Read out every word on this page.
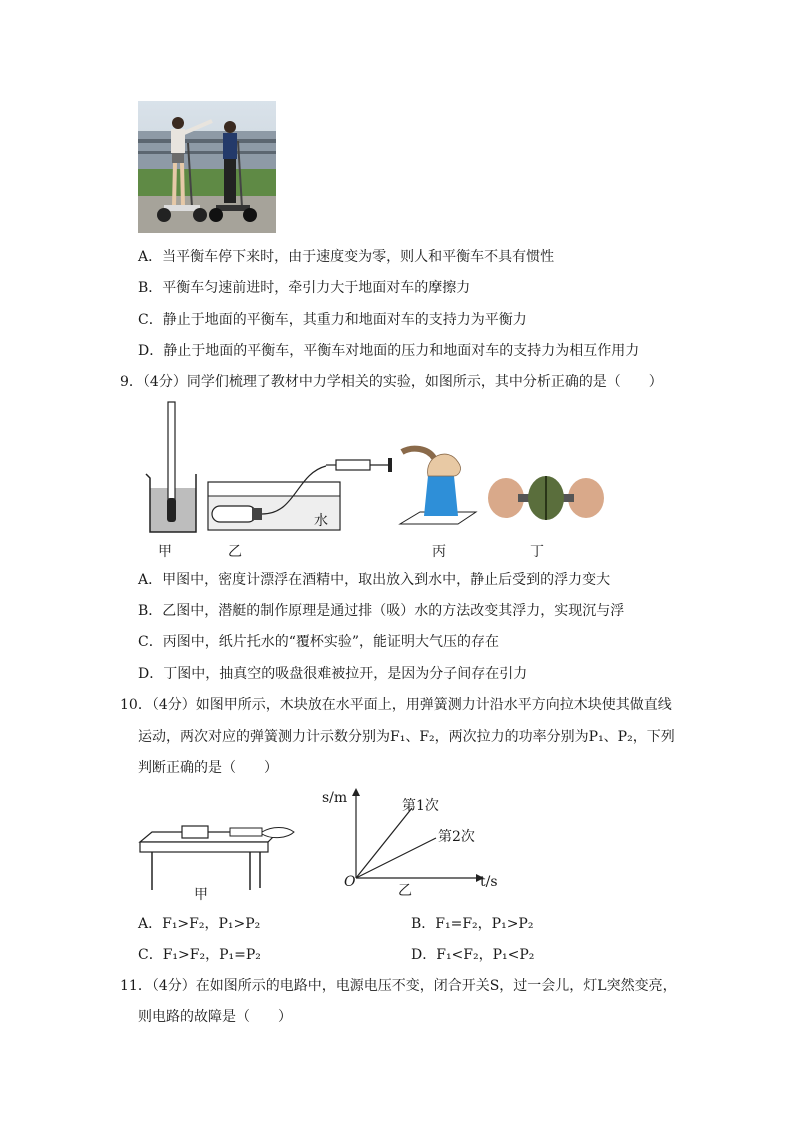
A．当平衡车停下来时，由于速度变为零，则人和平衡车不具有惯性
B．平衡车匀速前进时，牵引力大于地面对车的摩擦力
C．静止于地面的平衡车，其重力和地面对车的支持力为平衡力
D．静止于地面的平衡车，平衡车对地面的压力和地面对车的支持力为相互作用力
9．（4分）同学们梳理了教材中力学相关的实验，如图所示，其中分析正确的是（　　）
甲
水
乙	丙	丁
A．甲图中，密度计漂浮在酒精中，取出放入到水中，静止后受到的浮力变大
B．乙图中，潜艇的制作原理是通过排（吸）水的方法改变其浮力，实现沉与浮
C．丙图中，纸片托水的“覆杯实验”，能证明大气压的存在
D．丁图中，抽真空的吸盘很难被拉开，是因为分子间存在引力
10．（4分）如图甲所示，木块放在水平面上，用弹簧测力计沿水平方向拉木块使其做直线
运动，两次对应的弹簧测力计示数分别为F₁、F₂，两次拉力的功率分别为P₁、P₂，下列
判断正确的是（　　）
甲
s/m	第1次
第2次
O
乙
t/s
A．F₁>F₂，P₁>P₂	B．F₁=F₂，P₁>P₂
C．F₁>F₂，P₁=P₂	D．F₁<F₂，P₁<P₂
11．（4分）在如图所示的电路中，电源电压不变，闭合开关S，过一会儿，灯L突然变亮，
则电路的故障是（　　）
